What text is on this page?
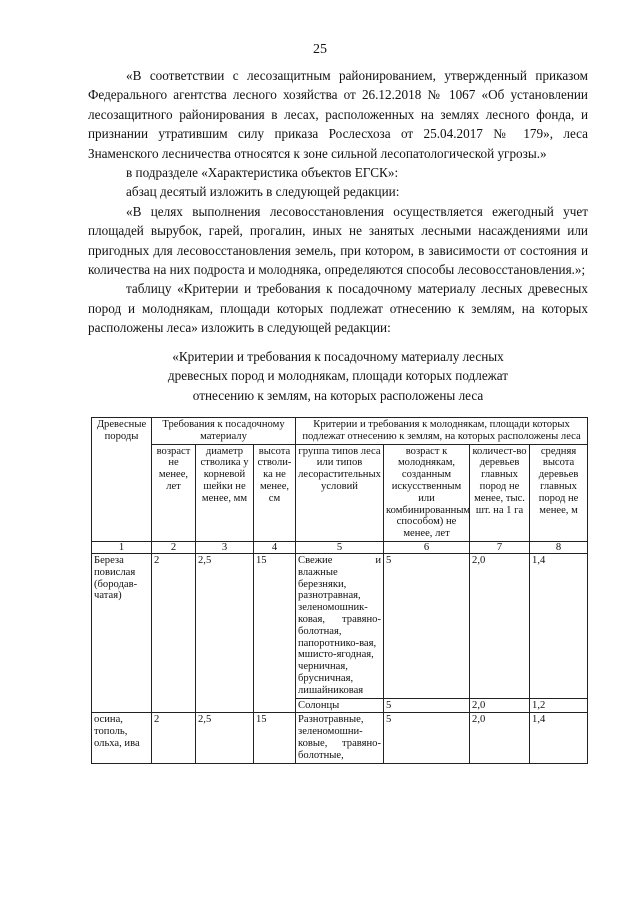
25

«В соответствии с лесозащитным районированием, утвержденный приказом Федерального агентства лесного хозяйства от 26.12.2018 № 1067 «Об установлении лесозащитного районирования в лесах, расположенных на землях лесного фонда, и признании утратившим силу приказа Рослесхоза от 25.04.2017 № 179», леса Знаменского лесничества относятся к зоне сильной лесопатологической угрозы.»

в подразделе «Характеристика объектов ЕГСК»:

абзац десятый изложить в следующей редакции:

«В целях выполнения лесовосстановления осуществляется ежегодный учет площадей вырубок, гарей, прогалин, иных не занятых лесными насаждениями или пригодных для лесовосстановления земель, при котором, в зависимости от состояния и количества на них подроста и молодняка, определяются способы лесовосстановления.»;

таблицу «Критерии и требования к посадочному материалу лесных древесных пород и молоднякам, площади которых подлежат отнесению к землям, на которых расположены леса» изложить в следующей редакции:

«Критерии и требования к посадочному материалу лесных
древесных пород и молоднякам, площади которых подлежат
отнесению к землям, на которых расположены леса
Древесные породы	Требования к посадочному материалу			Критерии и требования к молоднякам, площади которых подлежат отнесению к землям, на которых расположены леса			
	возраст не менее, лет	диаметр стволика у корневой шейки не менее, мм	высота стволи-ка не менее, см	группа типов леса или типов лесорастительных условий	возраст к молоднякам, созданным искусственным или комбинированным способом) не менее, лет	количест-во деревьев главных пород не менее, тыс. шт. на 1 га	средняя высота деревьев главных пород не менее, м
1	2	3	4	5	6	7	8
Береза повислая (бородав-чатая)	2	2,5	15	Свежие и влажные березняки, разнотравная, зеленомошник-ковая, травяно-болотная, папоротнико-вая, мшисто-ягодная, черничная, брусничная, лишайниковая	5	2,0	1,4
				Солонцы	5	2,0	1,2
осина, тополь, ольха, ива	2	2,5	15	Разнотравные, зеленомошни-ковые, травяно-болотные,	5	2,0	1,4
